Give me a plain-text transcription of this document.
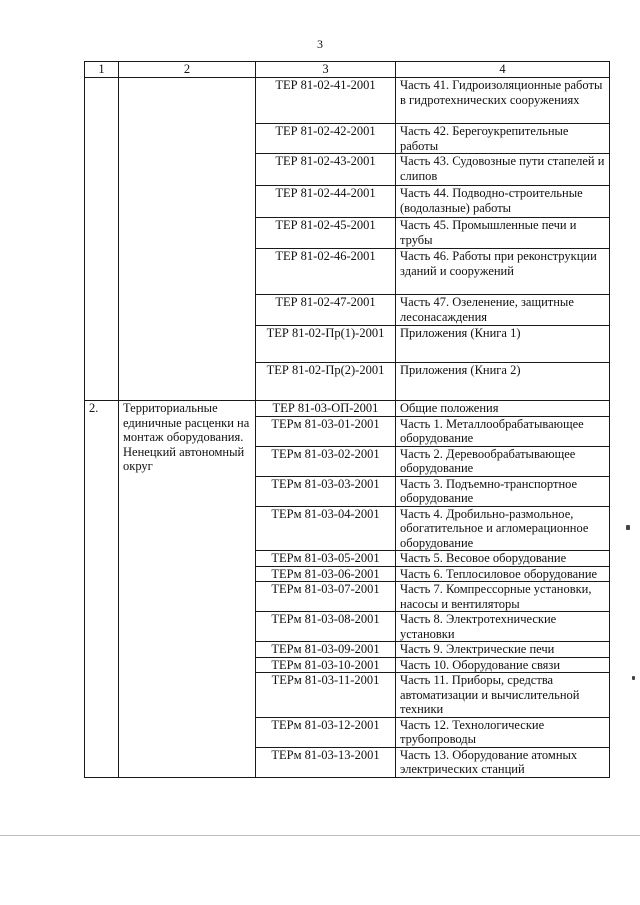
3
1	2	3	4
		ТЕР 81-02-41-2001	Часть 41. Гидроизоляционные работы в гидротехнических сооружениях
		ТЕР 81-02-42-2001	Часть 42. Берегоукрепительные работы
		ТЕР 81-02-43-2001	Часть 43. Судовозные пути стапелей и слипов
		ТЕР 81-02-44-2001	Часть 44. Подводно-строительные (водолазные) работы
		ТЕР 81-02-45-2001	Часть 45. Промышленные печи и трубы
		ТЕР 81-02-46-2001	Часть 46. Работы при реконструкции зданий и сооружений
		ТЕР 81-02-47-2001	Часть 47. Озеленение, защитные лесонасаждения
		ТЕР 81-02-Пр(1)-2001	Приложения (Книга 1)
		ТЕР 81-02-Пр(2)-2001	Приложения (Книга 2)
2.	Территориальные единичные расценки на монтаж оборудования. Ненецкий автономный округ	ТЕР 81-03-ОП-2001	Общие положения
		ТЕРм 81-03-01-2001	Часть 1. Металлообрабатывающее оборудование
		ТЕРм 81-03-02-2001	Часть 2. Деревообрабатывающее оборудование
		ТЕРм 81-03-03-2001	Часть 3. Подъемно-транспортное оборудование
		ТЕРм 81-03-04-2001	Часть 4. Дробильно-размольное, обогатительное и агломерационное оборудование
		ТЕРм 81-03-05-2001	Часть 5. Весовое оборудование
		ТЕРм 81-03-06-2001	Часть 6. Теплосиловое оборудование
		ТЕРм 81-03-07-2001	Часть 7. Компрессорные установки, насосы и вентиляторы
		ТЕРм 81-03-08-2001	Часть 8. Электротехнические установки
		ТЕРм 81-03-09-2001	Часть 9. Электрические печи
		ТЕРм 81-03-10-2001	Часть 10. Оборудование связи
		ТЕРм 81-03-11-2001	Часть 11. Приборы, средства автоматизации и вычислительной техники
		ТЕРм 81-03-12-2001	Часть 12. Технологические трубопроводы
		ТЕРм 81-03-13-2001	Часть 13. Оборудование атомных электрических станций
